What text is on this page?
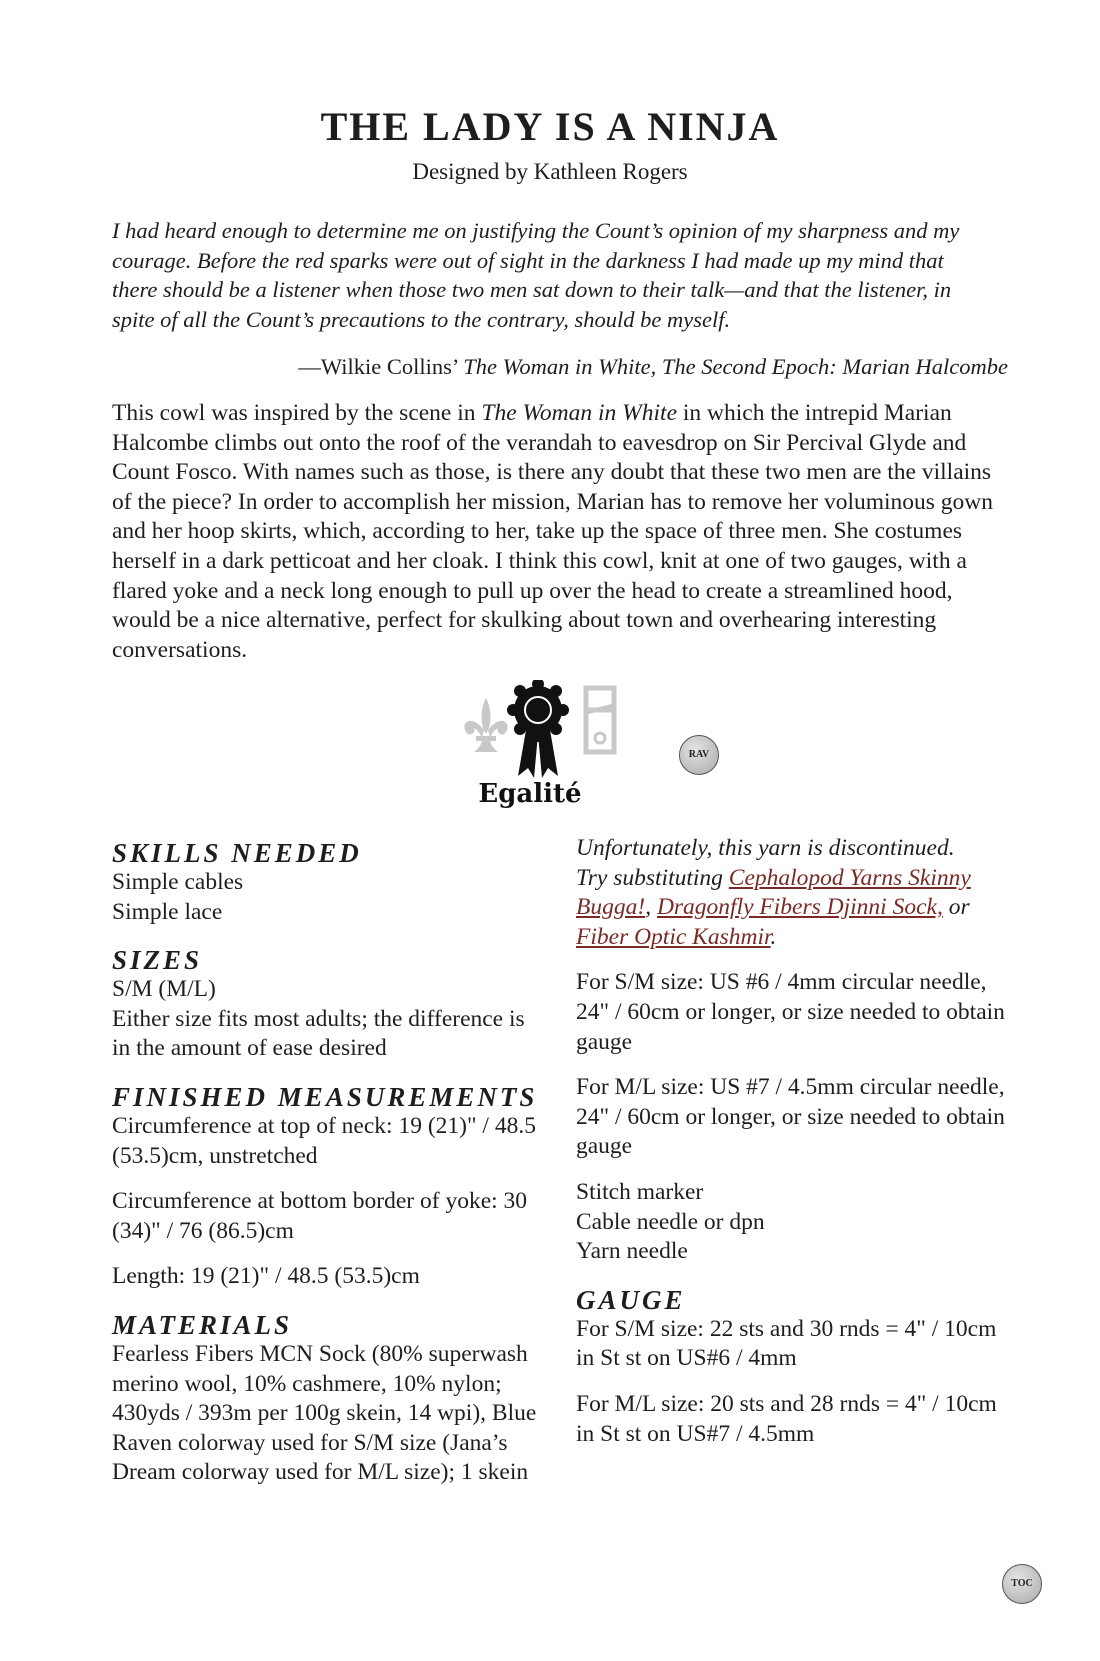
THE LADY IS A NINJA

Designed by Kathleen Rogers

I had heard enough to determine me on justifying the Count’s opinion of my sharpness and my courage. Before the red sparks were out of sight in the darkness I had made up my mind that there should be a listener when those two men sat down to their talk—and that the listener, in spite of all the Count’s precautions to the contrary, should be myself.

—Wilkie Collins’ The Woman in White, The Second Epoch: Marian Halcombe

This cowl was inspired by the scene in The Woman in White in which the intrepid Marian Halcombe climbs out onto the roof of the verandah to eavesdrop on Sir Percival Glyde and Count Fosco. With names such as those, is there any doubt that these two men are the villains of the piece? In order to accomplish her mission, Marian has to remove her voluminous gown and her hoop skirts, which, according to her, take up the space of three men. She costumes herself in a dark petticoat and her cloak. I think this cowl, knit at one of two gauges, with a flared yoke and a neck long enough to pull up over the head to create a streamlined hood, would be a nice alternative, perfect for skulking about town and overhearing interesting conversations.

Egalité
RAV
SKILLS NEEDED

Simple cables

Simple lace

SIZES

S/M (M/L)

Either size fits most adults; the difference is in the amount of ease desired

FINISHED MEASUREMENTS

Circumference at top of neck: 19 (21)" / 48.5 (53.5)cm, unstretched

Circumference at bottom border of yoke: 30 (34)" / 76 (86.5)cm

Length: 19 (21)" / 48.5 (53.5)cm

MATERIALS

Fearless Fibers MCN Sock (80% superwash merino wool, 10% cashmere, 10% nylon; 430yds / 393m per 100g skein, 14 wpi), Blue Raven colorway used for S/M size (Jana’s Dream colorway used for M/L size); 1 skein

Unfortunately, this yarn is discontinued.
Try substituting Cephalopod Yarns Skinny Bugga!, Dragonfly Fibers Djinni Sock, or Fiber Optic Kashmir.

For S/M size: US #6 / 4mm circular needle, 24" / 60cm or longer, or size needed to obtain gauge

For M/L size: US #7 / 4.5mm circular needle, 24" / 60cm or longer, or size needed to obtain gauge

Stitch marker

Cable needle or dpn

Yarn needle

GAUGE

For S/M size: 22 sts and 30 rnds = 4" / 10cm in St st on US#6 / 4mm

For M/L size: 20 sts and 28 rnds = 4" / 10cm in St st on US#7 / 4.5mm

TOC
